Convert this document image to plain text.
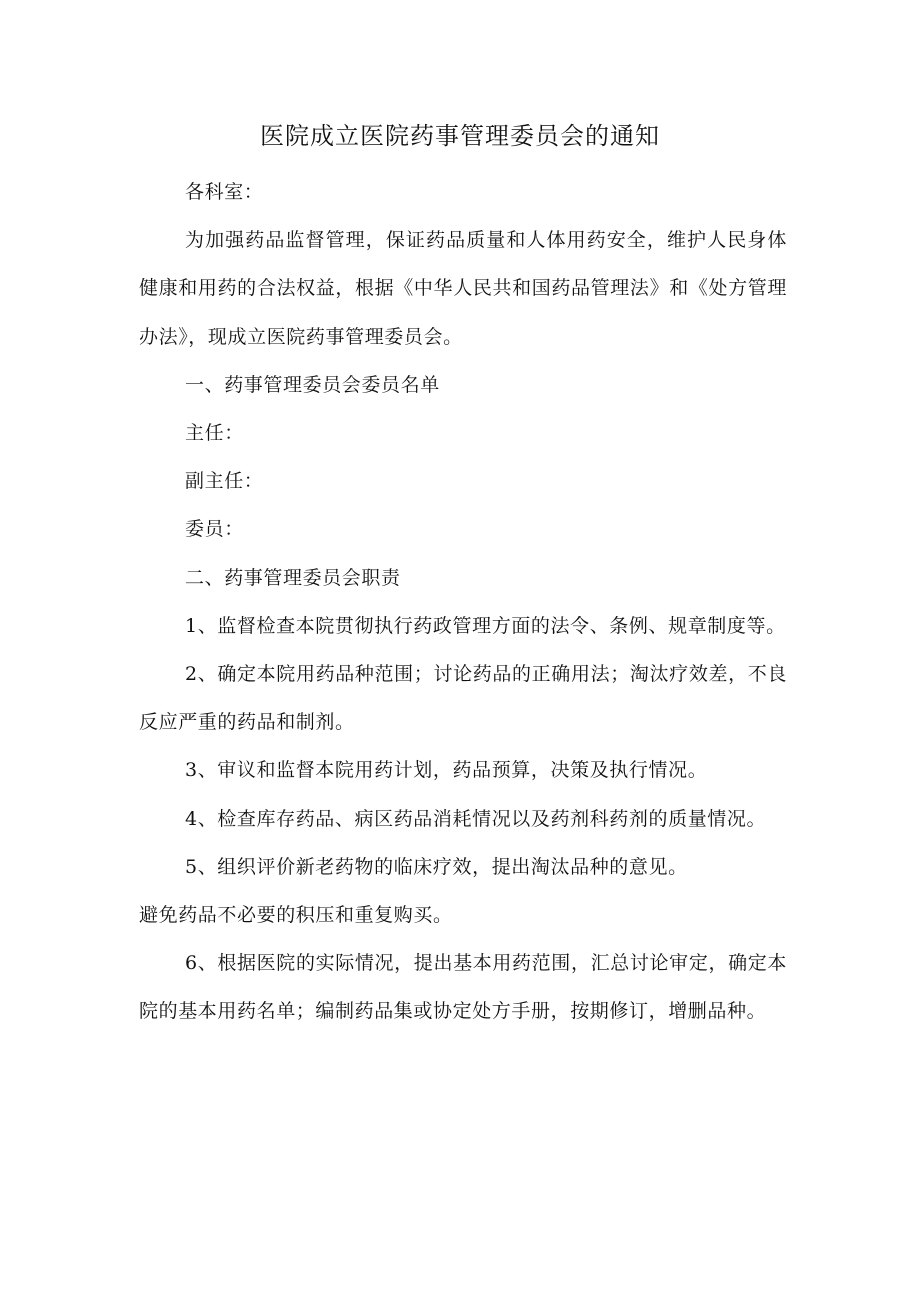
医院成立医院药事管理委员会的通知

各科室：

为加强药品监督管理，保证药品质量和人体用药安全，维护人民身体健康和用药的合法权益，根据《中华人民共和国药品管理法》和《处方管理办法》，现成立医院药事管理委员会。

一、药事管理委员会委员名单

主任：

副主任：

委员：

二、药事管理委员会职责

1、监督检查本院贯彻执行药政管理方面的法令、条例、规章制度等。

2、确定本院用药品种范围；讨论药品的正确用法；淘汰疗效差，不良反应严重的药品和制剂。

3、审议和监督本院用药计划，药品预算，决策及执行情况。

4、检查库存药品、病区药品消耗情况以及药剂科药剂的质量情况。

5、组织评价新老药物的临床疗效，提出淘汰品种的意见。

避免药品不必要的积压和重复购买。

6、根据医院的实际情况，提出基本用药范围，汇总讨论审定，确定本院的基本用药名单；编制药品集或协定处方手册，按期修订，增删品种。
